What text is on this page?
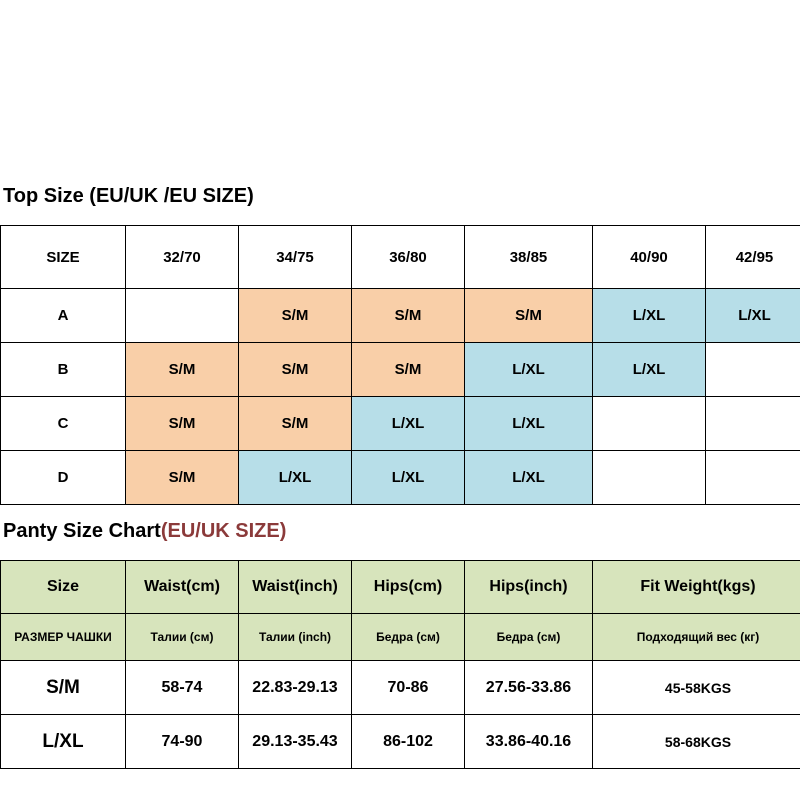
Top Size (EU/UK /EU SIZE)
SIZE	32/70	34/75	36/80	38/85	40/90	42/95
A		S/M	S/M	S/M	L/XL	L/XL
B	S/M	S/M	S/M	L/XL	L/XL	
C	S/M	S/M	L/XL	L/XL		
D	S/M	L/XL	L/XL	L/XL		
Panty Size Chart(EU/UK SIZE)
Size	Waist(cm)	Waist(inch)	Hips(cm)	Hips(inch)	Fit Weight(kgs)
РАЗМЕР ЧАШКИ	Талии (см)	Талии (inch)	Бедра (см)	Бедра (см)	Подходящий вес (кг)
S/M	58-74	22.83-29.13	70-86	27.56-33.86	45-58KGS
L/XL	74-90	29.13-35.43	86-102	33.86-40.16	58-68KGS
